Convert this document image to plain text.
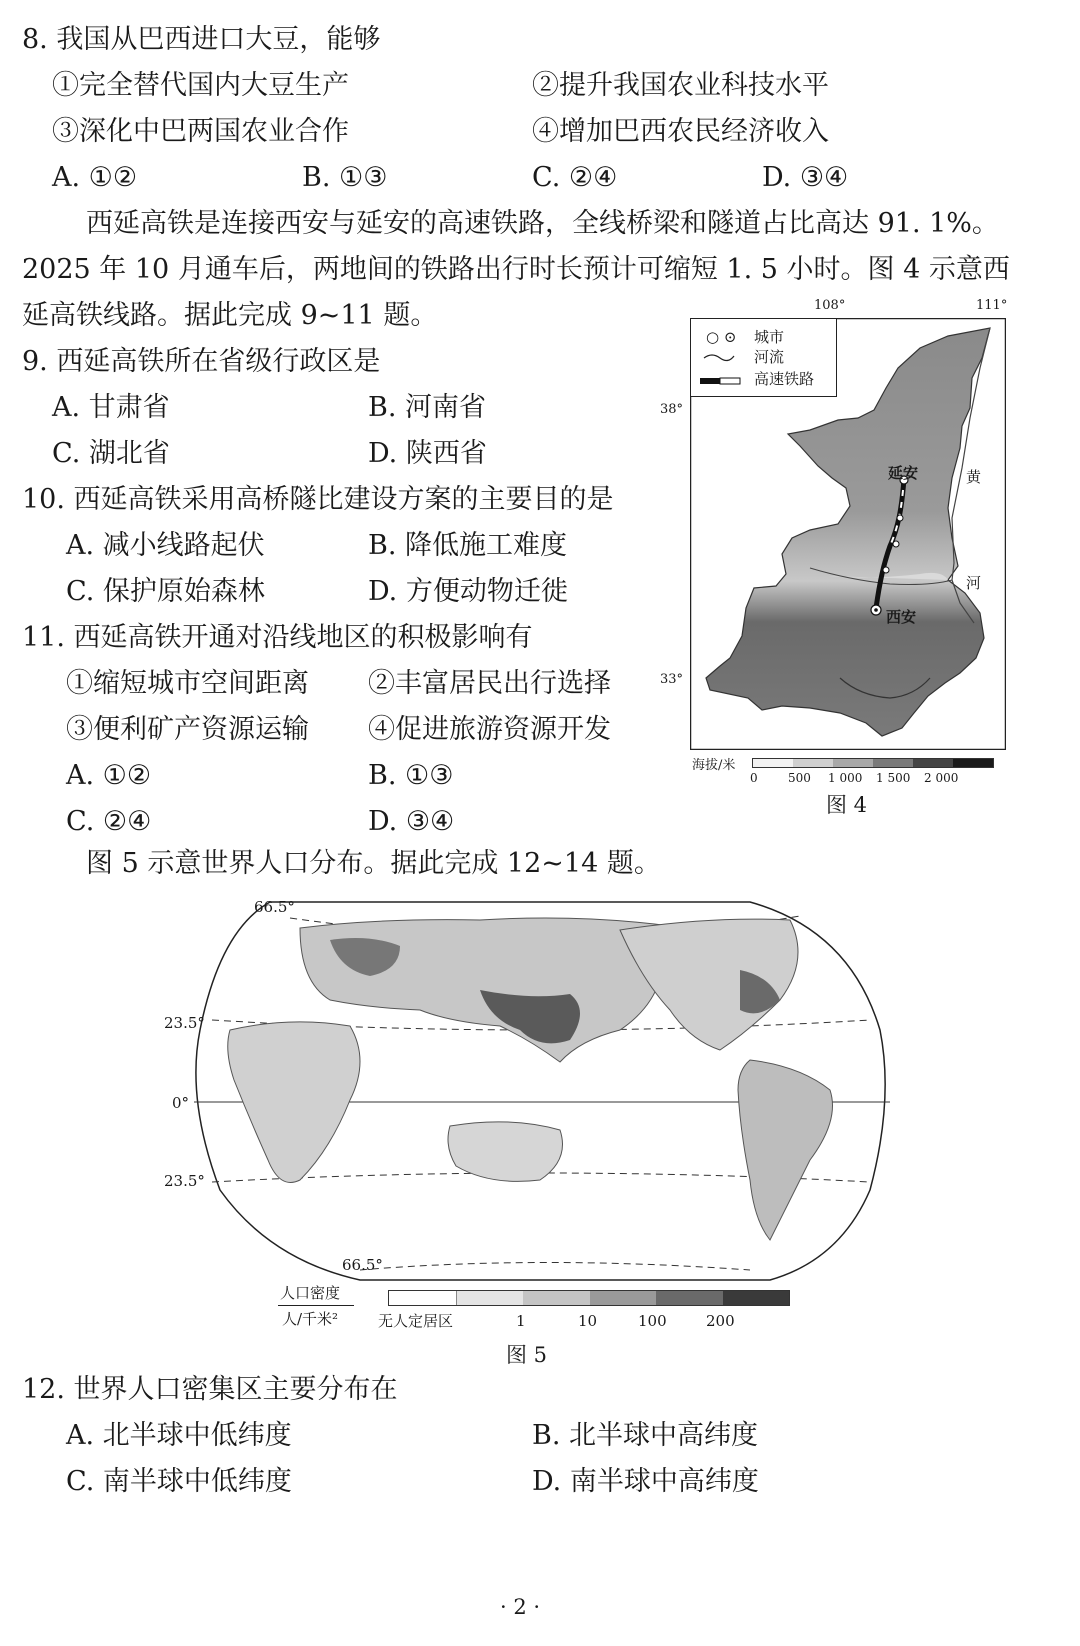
8. 我国从巴西进口大豆，能够
①完全替代国内大豆生产	②提升我国农业科技水平
③深化中巴两国农业合作	④增加巴西农民经济收入
A. ①②	B. ①③	C. ②④	D. ③④
西延高铁是连接西安与延安的高速铁路，全线桥梁和隧道占比高达 91. 1%。
2025 年 10 月通车后，两地间的铁路出行时长预计可缩短 1. 5 小时。图 4 示意西
延高铁线路。据此完成 9~11 题。
9. 西延高铁所在省级行政区是
A. 甘肃省	B. 河南省
C. 湖北省	D. 陕西省
10. 西延高铁采用高桥隧比建设方案的主要目的是
A. 减小线路起伏	B. 降低施工难度
C. 保护原始森林	D. 方便动物迁徙
11. 西延高铁开通对沿线地区的积极影响有
①缩短城市空间距离 ②丰富居民出行选择
③便利矿产资源运输 ④促进旅游资源开发
A. ①②	B. ①③
C. ②④	D. ③④
108°	111°
38°
33°
○ ⊙ 城市
河流
高速铁路
延安
西安
黄
河
海拔/米
0	500 1 000 1 500 2 000
图 4
图 5 示意世界人口分布。据此完成 12~14 题。
66.5°
23.5°
0°
23.5°
66.5°
人口密度
人/千米²	无人定居区	1	10	100	200
图 5
12. 世界人口密集区主要分布在
A. 北半球中低纬度	B. 北半球中高纬度
C. 南半球中低纬度	D. 南半球中高纬度
· 2 ·
